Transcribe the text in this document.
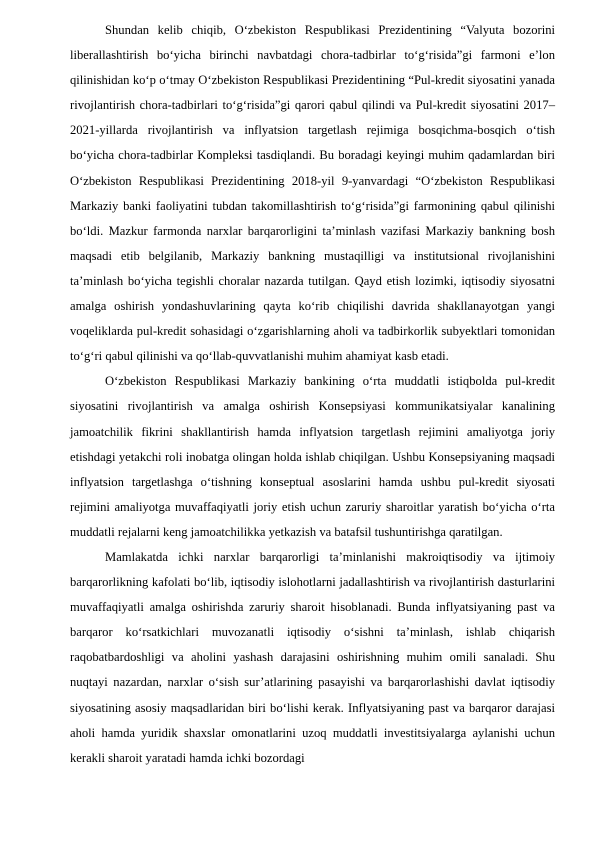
Shundan kelib chiqib, O‘zbekiston Respublikasi Prezidentining “Valyuta bozorini liberallashtirish bo‘yicha birinchi navbatdagi chora-tadbirlar to‘g‘risida”gi farmoni e’lon qilinishidan ko‘p o‘tmay O‘zbekiston Respublikasi Prezidentining “Pul-kredit siyosatini yanada rivojlantirish chora-tadbirlari to‘g‘risida”gi qarori qabul qilindi va Pul-kredit siyosatini 2017–2021-yillarda rivojlantirish va inflyatsion targetlash rejimiga bosqichma-bosqich o‘tish bo‘yicha chora-tadbirlar Kompleksi tasdiqlandi. Bu boradagi keyingi muhim qadamlardan biri O‘zbekiston Respublikasi Prezidentining 2018-yil 9-yanvardagi “O‘zbekiston Respublikasi Markaziy banki faoliyatini tubdan takomillashtirish to‘g‘risida”gi farmonining qabul qilinishi bo‘ldi. Mazkur farmonda narxlar barqarorligini ta’minlash vazifasi Markaziy bankning bosh maqsadi etib belgilanib, Markaziy bankning mustaqilligi va institutsional rivojlanishini ta’minlash bo‘yicha tegishli choralar nazarda tutilgan. Qayd etish lozimki, iqtisodiy siyosatni amalga oshirish yondashuvlarining qayta ko‘rib chiqilishi davrida shakllanayotgan yangi voqeliklarda pul-kredit sohasidagi o‘zgarishlarning aholi va tadbirkorlik subyektlari tomonidan to‘g‘ri qabul qilinishi va qo‘llab-quvvatlanishi muhim ahamiyat kasb etadi.

O‘zbekiston Respublikasi Markaziy bankining o‘rta muddatli istiqbolda pul-kredit siyosatini rivojlantirish va amalga oshirish Konsepsiyasi kommunikatsiyalar kanalining jamoatchilik fikrini shakllantirish hamda inflyatsion targetlash rejimini amaliyotga joriy etishdagi yetakchi roli inobatga olingan holda ishlab chiqilgan. Ushbu Konsepsiyaning maqsadi inflyatsion targetlashga o‘tishning konseptual asoslarini hamda ushbu pul-kredit siyosati rejimini amaliyotga muvaffaqiyatli joriy etish uchun zaruriy sharoitlar yaratish bo‘yicha o‘rta muddatli rejalarni keng jamoatchilikka yetkazish va batafsil tushuntirishga qaratilgan.

Mamlakatda ichki narxlar barqarorligi ta’minlanishi makroiqtisodiy va ijtimoiy barqarorlikning kafolati bo‘lib, iqtisodiy islohotlarni jadallashtirish va rivojlantirish dasturlarini muvaffaqiyatli amalga oshirishda zaruriy sharoit hisoblanadi. Bunda inflyatsiyaning past va barqaror ko‘rsatkichlari muvozanatli iqtisodiy o‘sishni ta’minlash, ishlab chiqarish raqobatbardoshligi va aholini yashash darajasini oshirishning muhim omili sanaladi. Shu nuqtayi nazardan, narxlar o‘sish sur’atlarining pasayishi va barqarorlashishi davlat iqtisodiy siyosatining asosiy maqsadlaridan biri bo‘lishi kerak. Inflyatsiyaning past va barqaror darajasi aholi hamda yuridik shaxslar omonatlarini uzoq muddatli investitsiyalarga aylanishi uchun kerakli sharoit yaratadi hamda ichki bozordagi
